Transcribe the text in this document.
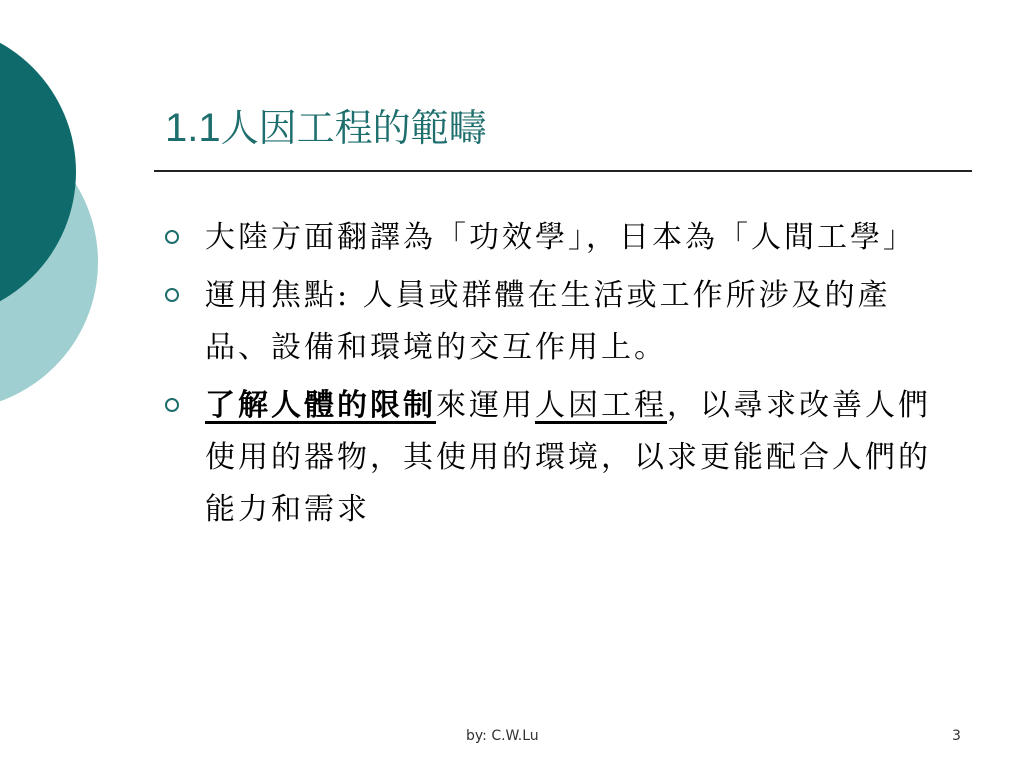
1.1人因工程的範疇
大陸方面翻譯為「功效學」，日本為「人間工學」
運用焦點: 人員或群體在生活或工作所涉及的產品、設備和環境的交互作用上。
了解人體的限制來運用人因工程，以尋求改善人們使用的器物，其使用的環境，以求更能配合人們的能力和需求
by: C.W.Lu	3
